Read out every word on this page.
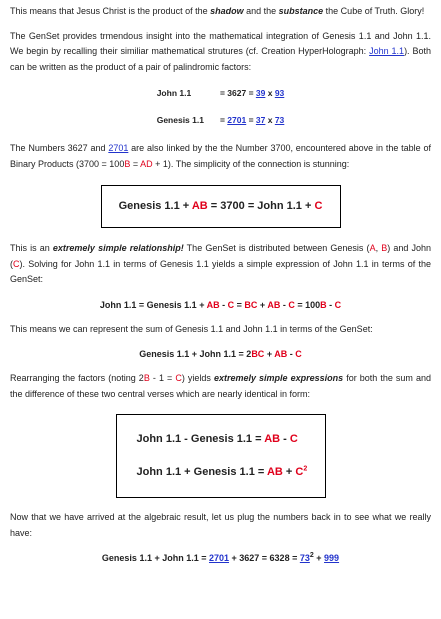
This means that Jesus Christ is the product of the shadow and the substance the Cube of Truth. Glory!

The GenSet provides trmendous insight into the mathematical integration of Genesis 1.1 and John 1.1. We begin by recalling their similiar mathematical strutures (cf. Creation HyperHolograph: John 1.1). Both can be written as the product of a pair of palindromic factors:

John 1.1	= 3627 = 39 x 93
Genesis 1.1	= 2701 = 37 x 73

The Numbers 3627 and 2701 are also linked by the the Number 3700, encountered above in the table of Binary Products (3700 = 100B = AD + 1). The simplicity of the connection is stunning:

Genesis 1.1 + AB = 3700 = John 1.1 + C

This is an extremely simple relationship! The GenSet is distributed between Genesis (A, B) and John (C). Solving for John 1.1 in terms of Genesis 1.1 yields a simple expression of John 1.1 in terms of the GenSet:

John 1.1 = Genesis 1.1 + AB - C = BC + AB - C = 100B - C

This means we can represent the sum of Genesis 1.1 and John 1.1 in terms of the GenSet:

Genesis 1.1 + John 1.1 = 2BC + AB - C

Rearranging the factors (noting 2B - 1 = C) yields extremely simple expressions for both the sum and the difference of these two central verses which are nearly identical in form:

John 1.1 - Genesis 1.1 = AB - C
John 1.1 + Genesis 1.1 = AB + $C^2$

Now that we have arrived at the algebraic result, let us plug the numbers back in to see what we really have:

Genesis 1.1 + John $1.1 = 2701 + 3627 = 6328 = 73^2 + 999$
